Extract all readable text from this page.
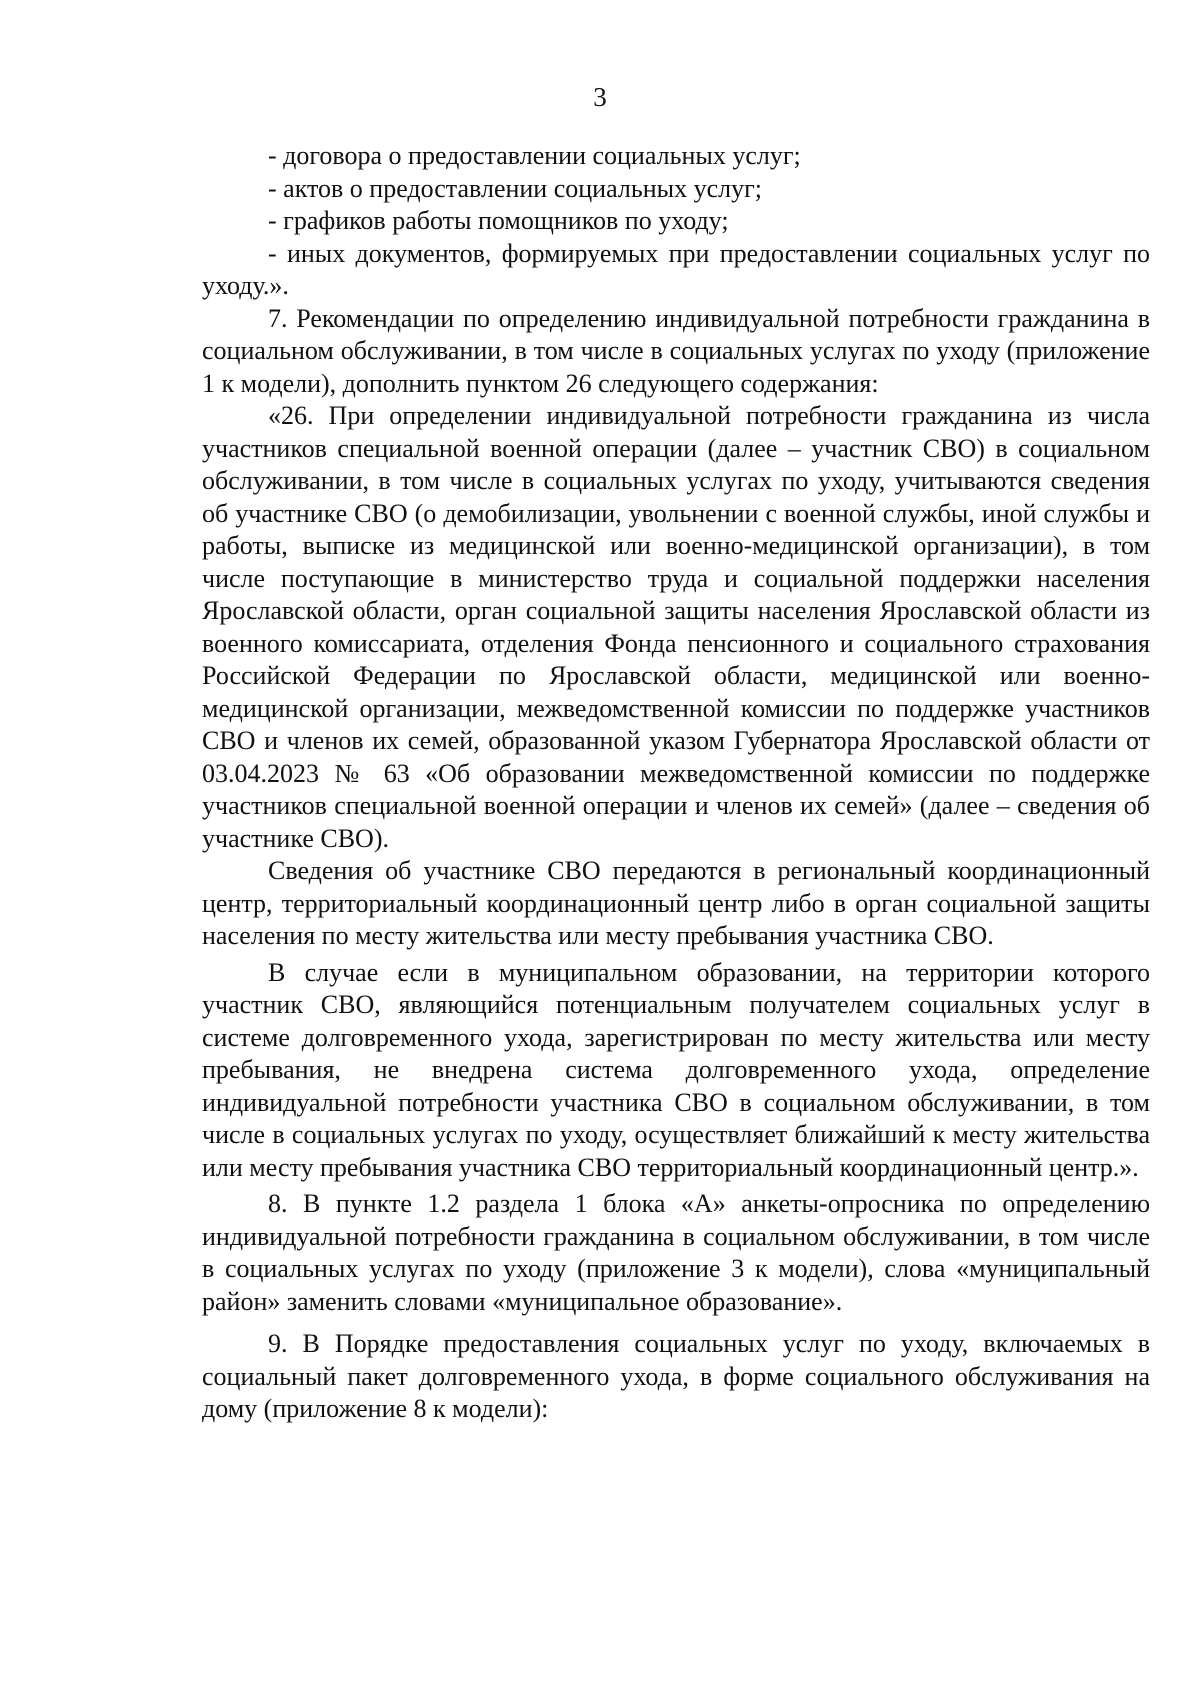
3

- договора о предоставлении социальных услуг;

- актов о предоставлении социальных услуг;

- графиков работы помощников по уходу;

- иных документов, формируемых при предоставлении социальных услуг по уходу.».

7. Рекомендации по определению индивидуальной потребности гражданина в социальном обслуживании, в том числе в социальных услугах по уходу (приложение 1 к модели), дополнить пунктом 26 следующего содержания:

«26. При определении индивидуальной потребности гражданина из числа участников специальной военной операции (далее – участник СВО) в социальном обслуживании, в том числе в социальных услугах по уходу, учитываются сведения об участнике СВО (о демобилизации, увольнении с военной службы, иной службы и работы, выписке из медицинской или военно-медицинской организации), в том числе поступающие в министерство труда и социальной поддержки населения Ярославской области, орган социальной защиты населения Ярославской области из военного комиссариата, отделения Фонда пенсионного и социального страхования Российской Федерации по Ярославской области, медицинской или военно-медицинской организации, межведомственной комиссии по поддержке участников СВО и членов их семей, образованной указом Губернатора Ярославской области от 03.04.2023 № 63 «Об образовании межведомственной комиссии по поддержке участников специальной военной операции и членов их семей» (далее – сведения об участнике СВО).

Сведения об участнике СВО передаются в региональный координационный центр, территориальный координационный центр либо в орган социальной защиты населения по месту жительства или месту пребывания участника СВО.

В случае если в муниципальном образовании, на территории которого участник СВО, являющийся потенциальным получателем социальных услуг в системе долговременного ухода, зарегистрирован по месту жительства или месту пребывания, не внедрена система долговременного ухода, определение индивидуальной потребности участника СВО в социальном обслуживании, в том числе в социальных услугах по уходу, осуществляет ближайший к месту жительства или месту пребывания участника СВО территориальный координационный центр.».

8. В пункте 1.2 раздела 1 блока «А» анкеты-опросника по определению индивидуальной потребности гражданина в социальном обслуживании, в том числе в социальных услугах по уходу (приложение 3 к модели), слова «муниципальный район» заменить словами «муниципальное образование».

9. В Порядке предоставления социальных услуг по уходу, включаемых в социальный пакет долговременного ухода, в форме социального обслуживания на дому (приложение 8 к модели):
